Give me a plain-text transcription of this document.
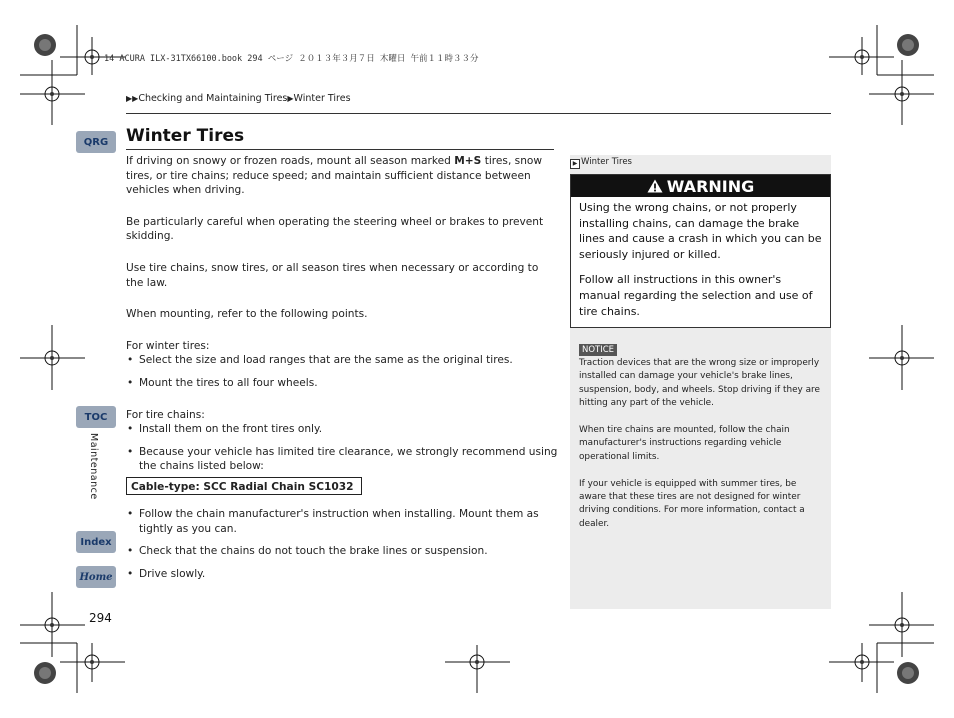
14 ACURA ILX-31TX66100.book 294 ページ ２０１３年３月７日 木曜日 午前１１時３３分
▶▶Checking and Maintaining Tires▶Winter Tires
QRG
TOC
Maintenance
Index
Home
294
Winter Tires

If driving on snowy or frozen roads, mount all season marked M+S tires, snow tires, or tire chains; reduce speed; and maintain sufficient distance between vehicles when driving.

Be particularly careful when operating the steering wheel or brakes to prevent skidding.

Use tire chains, snow tires, or all season tires when necessary or according to the law.

When mounting, refer to the following points.

For winter tires:

• Select the size and load ranges that are the same as the original tires.
• Mount the tires to all four wheels.

For tire chains:

• Install them on the front tires only.
• Because your vehicle has limited tire clearance, we strongly recommend using the chains listed below:
Cable-type: SCC Radial Chain SC1032
• Follow the chain manufacturer's instruction when installing. Mount them as tightly as you can.
• Check that the chains do not touch the brake lines or suspension.
• Drive slowly.
▶ Winter Tires
WARNING

Using the wrong chains, or not properly installing chains, can damage the brake lines and cause a crash in which you can be seriously injured or killed.

Follow all instructions in this owner's manual regarding the selection and use of tire chains.

NOTICE

Traction devices that are the wrong size or improperly installed can damage your vehicle's brake lines, suspension, body, and wheels. Stop driving if they are hitting any part of the vehicle.

When tire chains are mounted, follow the chain manufacturer's instructions regarding vehicle operational limits.

If your vehicle is equipped with summer tires, be aware that these tires are not designed for winter driving conditions. For more information, contact a dealer.
